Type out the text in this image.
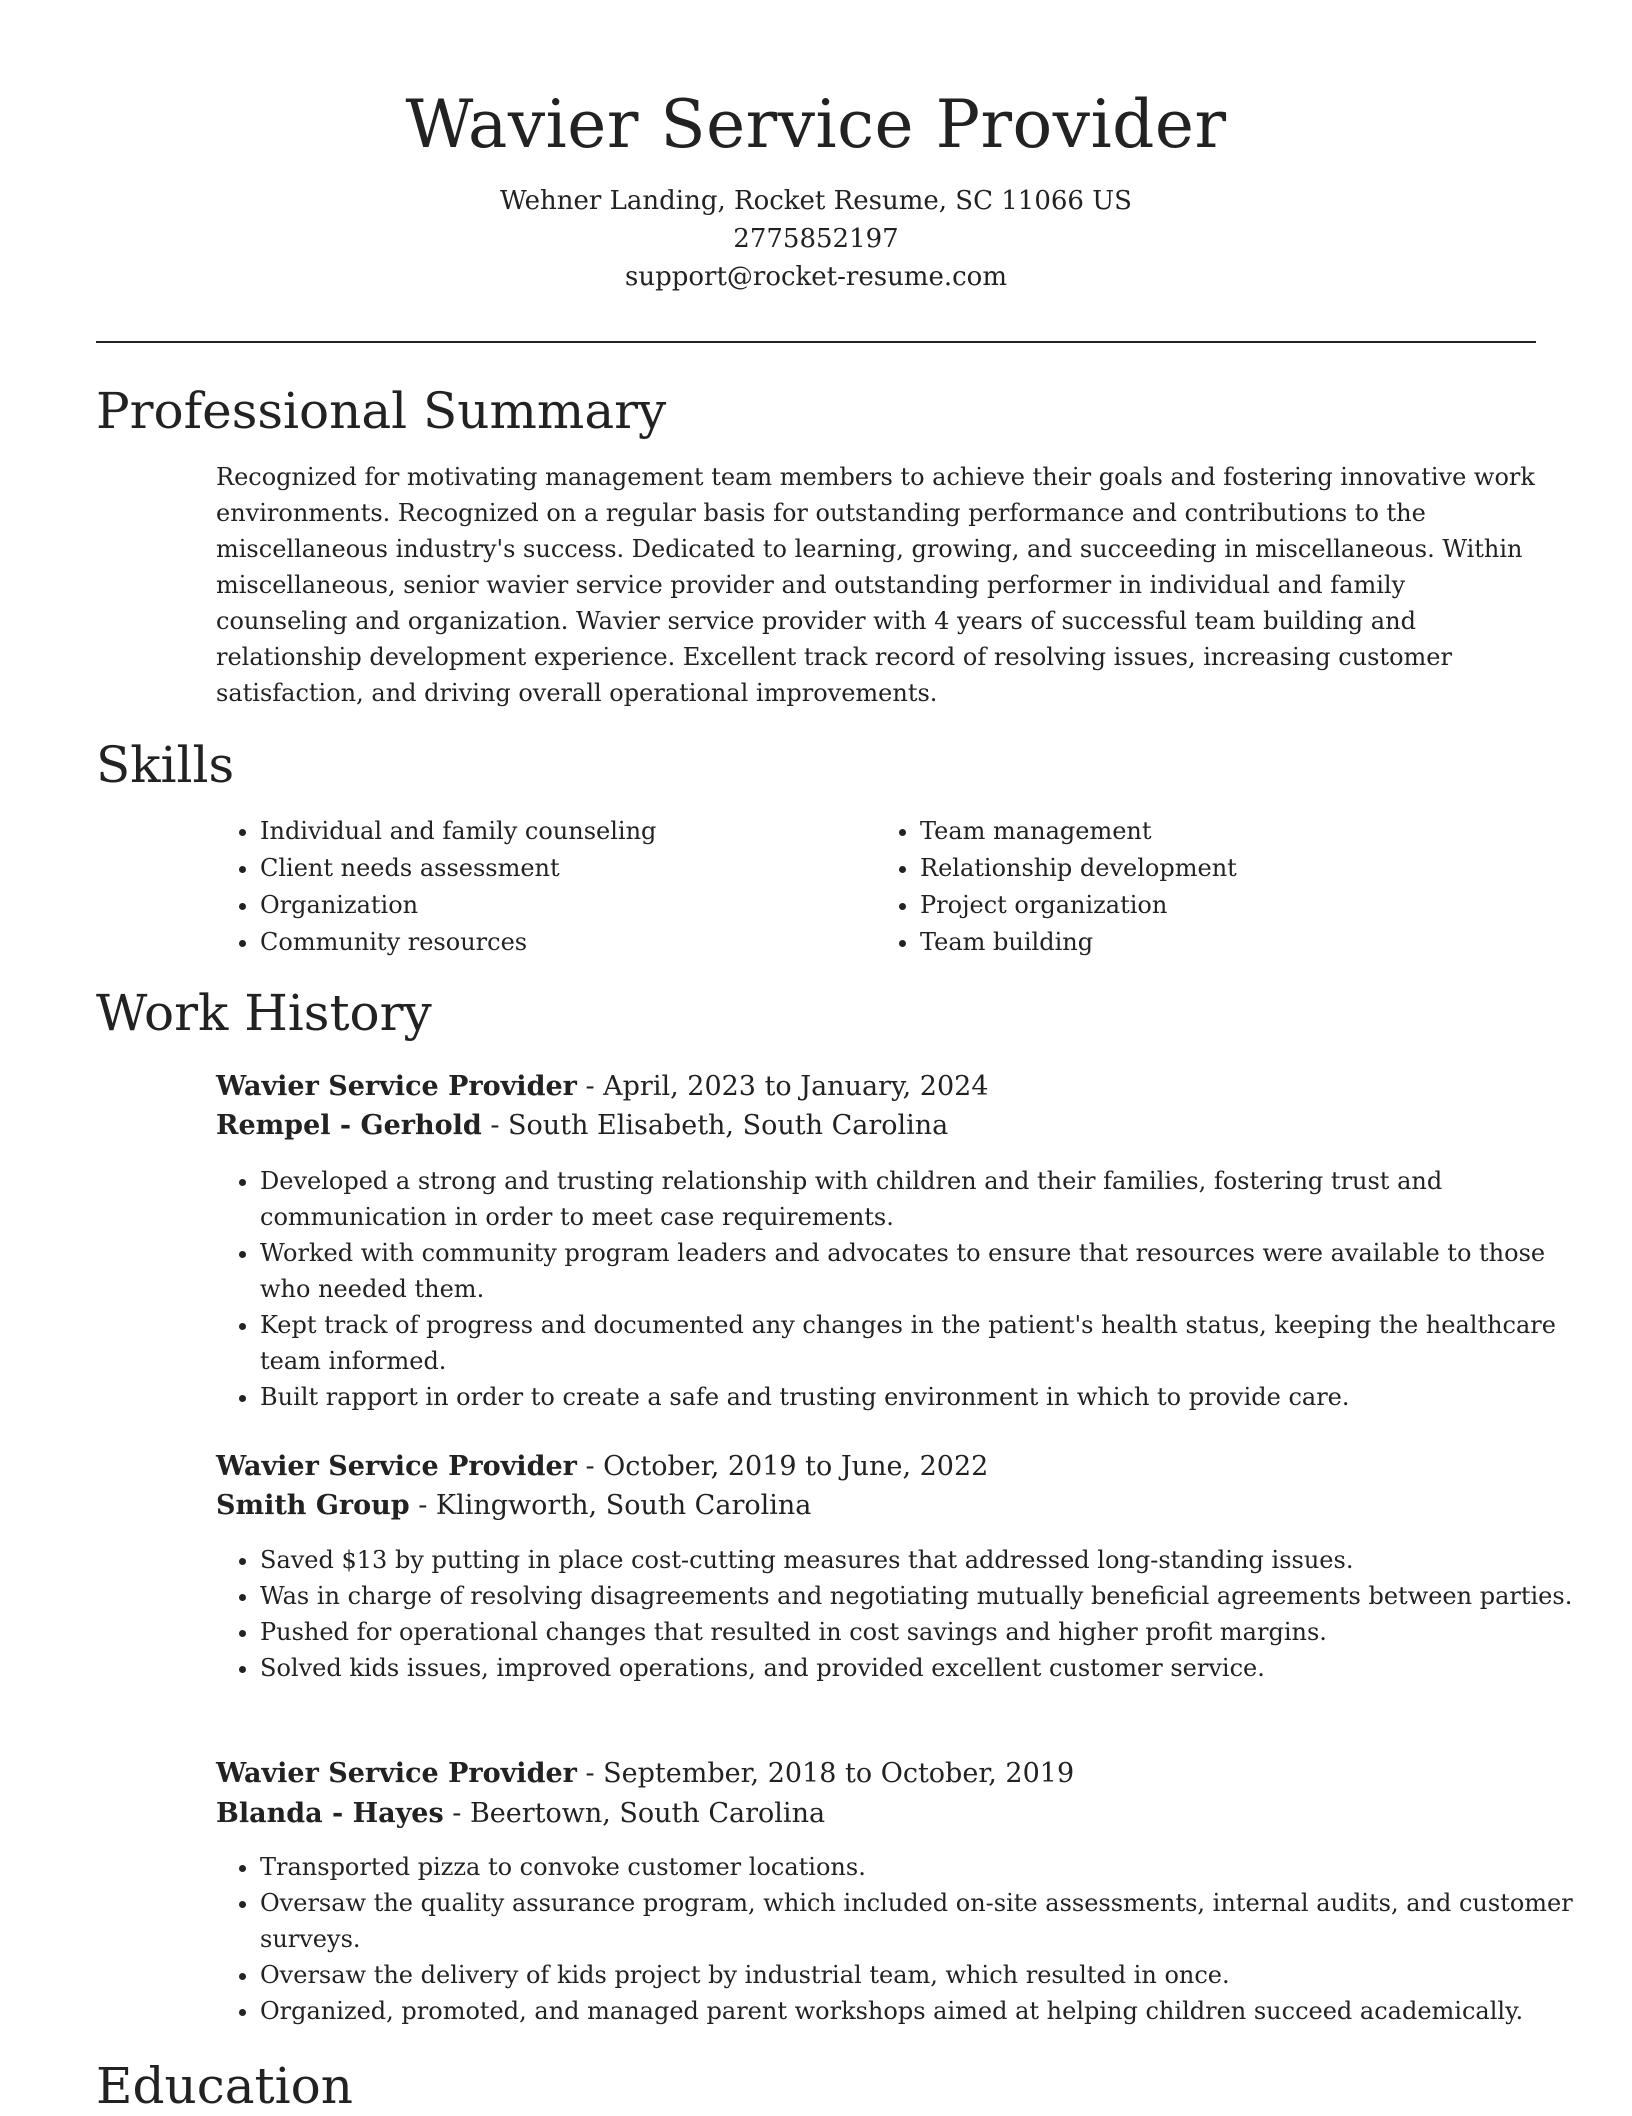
Wavier Service Provider
Wehner Landing, Rocket Resume, SC 11066 US
2775852197
support@rocket-resume.com
Professional Summary
Recognized for motivating management team members to achieve their goals and fostering innovative work environments. Recognized on a regular basis for outstanding performance and contributions to the miscellaneous industry's success. Dedicated to learning, growing, and succeeding in miscellaneous. Within miscellaneous, senior wavier service provider and outstanding performer in individual and family counseling and organization. Wavier service provider with 4 years of successful team building and relationship development experience. Excellent track record of resolving issues, increasing customer satisfaction, and driving overall operational improvements.
Skills
• Individual and family counseling
• Client needs assessment
• Organization
• Community resources
• Team management
• Relationship development
• Project organization
• Team building
Work History
Wavier Service Provider - April, 2023 to January, 2024
Rempel - Gerhold - South Elisabeth, South Carolina
• Developed a strong and trusting relationship with children and their families, fostering trust and communication in order to meet case requirements.
• Worked with community program leaders and advocates to ensure that resources were available to those who needed them.
• Kept track of progress and documented any changes in the patient's health status, keeping the healthcare team informed.
• Built rapport in order to create a safe and trusting environment in which to provide care.
Wavier Service Provider - October, 2019 to June, 2022
Smith Group - Klingworth, South Carolina
• Saved $13 by putting in place cost-cutting measures that addressed long-standing issues.
• Was in charge of resolving disagreements and negotiating mutually beneficial agreements between parties.
• Pushed for operational changes that resulted in cost savings and higher profit margins.
• Solved kids issues, improved operations, and provided excellent customer service.
Wavier Service Provider - September, 2018 to October, 2019
Blanda - Hayes - Beertown, South Carolina
• Transported pizza to convoke customer locations.
• Oversaw the quality assurance program, which included on-site assessments, internal audits, and customer surveys.
• Oversaw the delivery of kids project by industrial team, which resulted in once.
• Organized, promoted, and managed parent workshops aimed at helping children succeed academically.
Education
